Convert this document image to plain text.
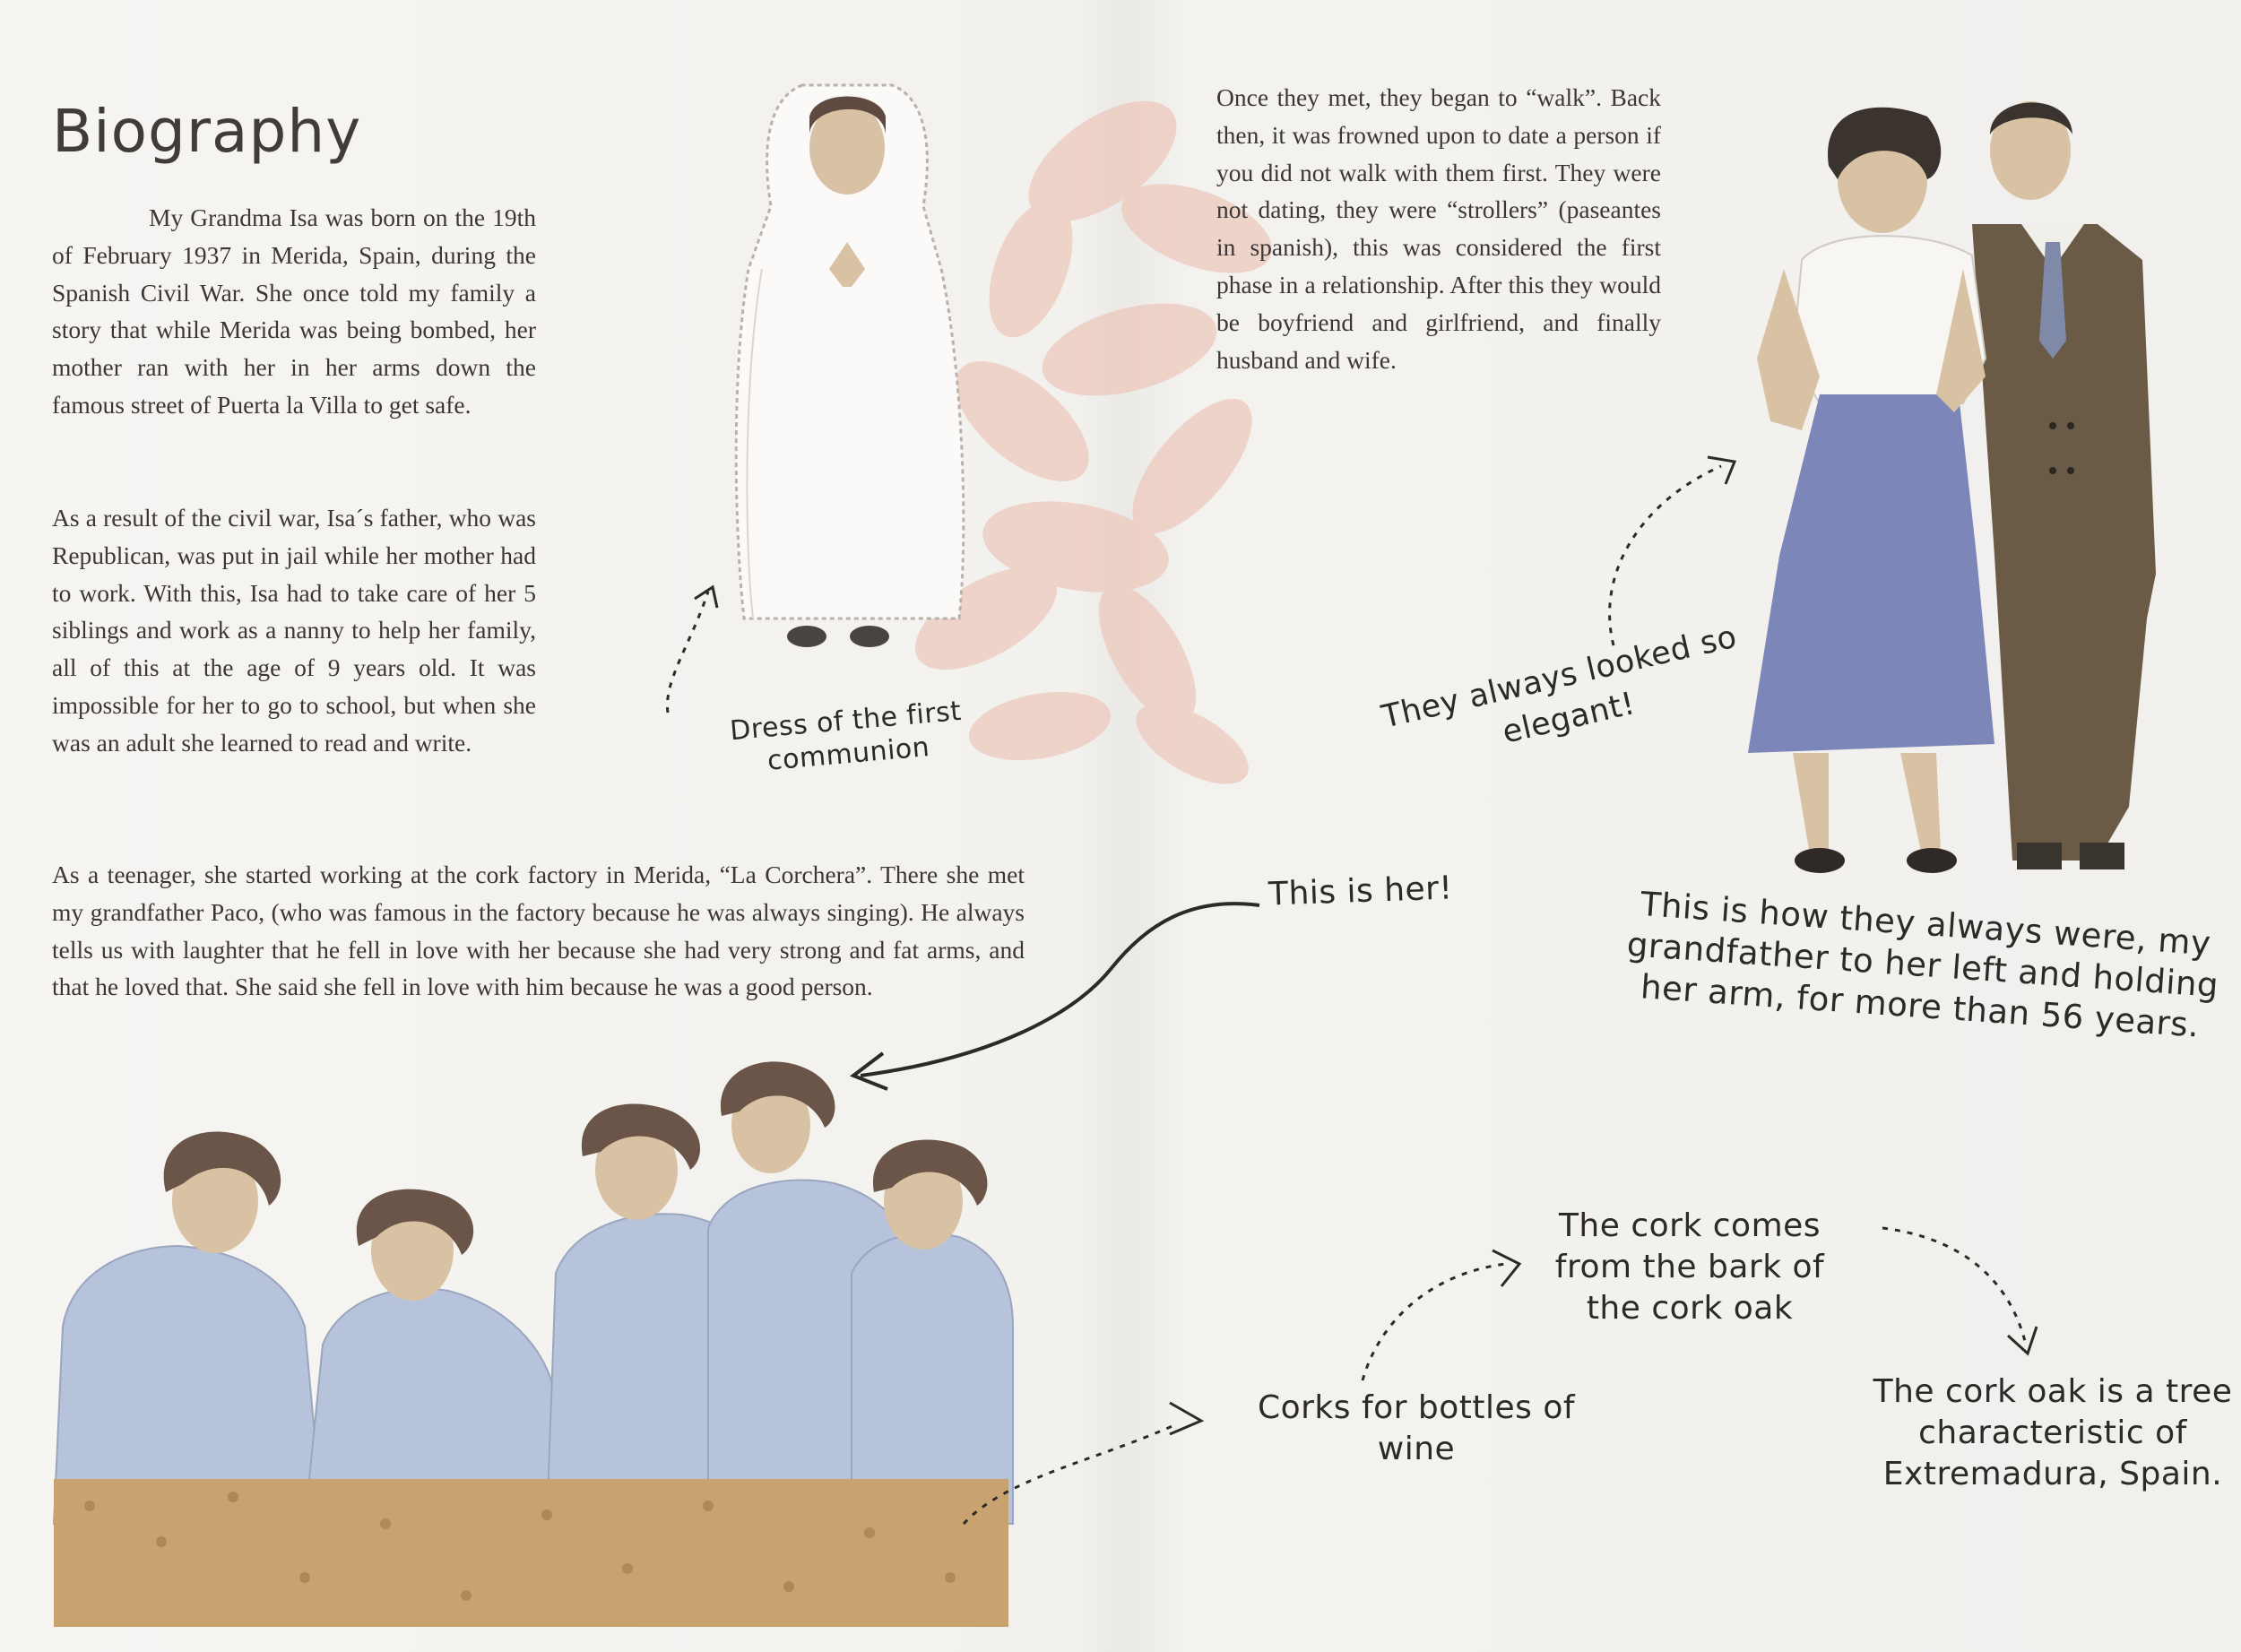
Biography

My Grandma Isa was born on the 19th of February 1937 in Merida, Spain, during the Spanish Civil War. She once told my family a story that while Merida was being bombed, her mother ran with her in her arms down the famous street of Puerta la Villa to get safe.

As a result of the civil war, Isa´s father, who was Republican, was put in jail while her mother had to work. With this, Isa had to take care of her 5 siblings and work as a nanny to help her family, all of this at the age of 9 years old. It was impossible for her to go to school, but when she was an adult she learned to read and write.

As a teenager, she started working at the cork factory in Merida, “La Corchera”. There she met my grandfather Paco, (who was famous in the factory because he was always singing). He always tells us with laughter that he fell in love with her because she had very strong and fat arms, and that he loved that. She said she fell in love with him because he was a good person.

Once they met, they began to “walk”. Back then, it was frowned upon to date a person if you did not walk with them first. They were not dating, they were “strollers” (paseantes in spanish), this was considered the first phase in a relationship. After this they would be boyfriend and girlfriend, and finally husband and wife.

Dress of the first communion

They always looked so elegant!

This is her!	This is how they always were, my grandfather to her left and holding her arm, for more than 56 years.

The cork comes from the bark of the cork oak

Corks for bottles of wine

The cork oak is a tree characteristic of Extremadura, Spain.
